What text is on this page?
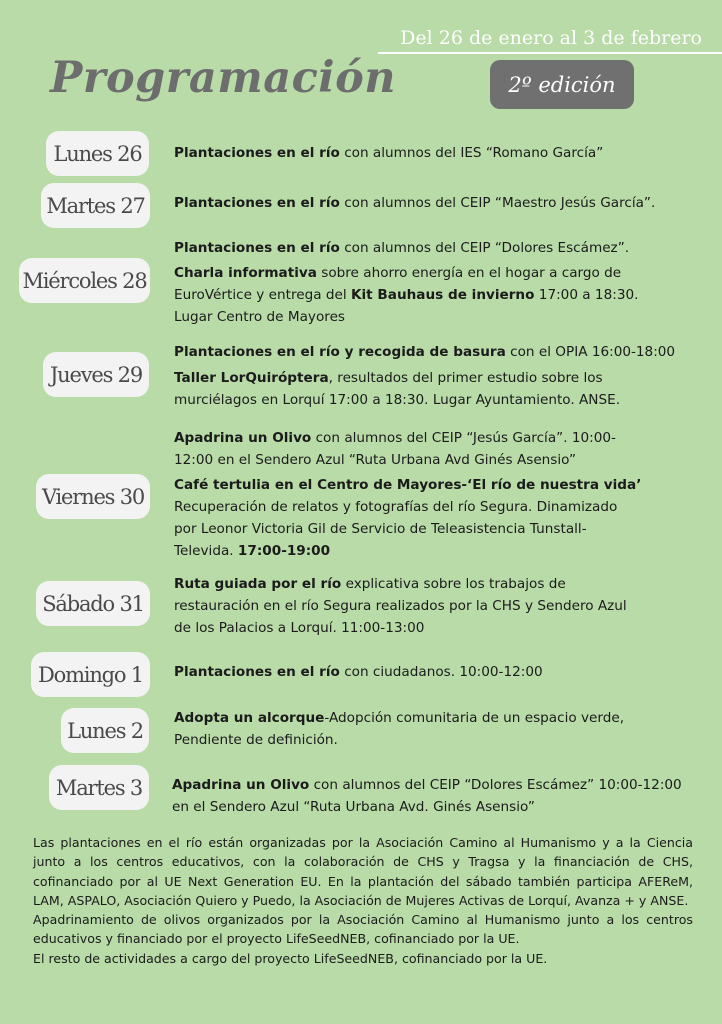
Del 26 de enero al 3 de febrero
Programación	2º edición
Lunes 26
Martes 27
Miércoles 28
Jueves 29
Viernes 30
Sábado 31
Domingo 1
Lunes 2
Martes 3
Plantaciones en el río con alumnos del IES “Romano García”
Plantaciones en el río con alumnos del CEIP “Maestro Jesús García”.
Plantaciones en el río con alumnos del CEIP “Dolores Escámez”.
Charla informativa sobre ahorro energía en el hogar a cargo de
EuroVértice y entrega del Kit Bauhaus de invierno 17:00 a 18:30.
Lugar Centro de Mayores
Plantaciones en el río y recogida de basura con el OPIA 16:00-18:00
Taller LorQuiróptera, resultados del primer estudio sobre los
murciélagos en Lorquí 17:00 a 18:30. Lugar Ayuntamiento. ANSE.
Apadrina un Olivo con alumnos del CEIP “Jesús García”. 10:00-
12:00 en el Sendero Azul “Ruta Urbana Avd Ginés Asensio”
Café tertulia en el Centro de Mayores-‘El río de nuestra vida’
Recuperación de relatos y fotografías del río Segura. Dinamizado
por Leonor Victoria Gil de Servicio de Teleasistencia Tunstall-
Televida. 17:00-19:00
Ruta guiada por el río explicativa sobre los trabajos de
restauración en el río Segura realizados por la CHS y Sendero Azul
de los Palacios a Lorquí. 11:00-13:00
Plantaciones en el río con ciudadanos. 10:00-12:00
Adopta un alcorque-Adopción comunitaria de un espacio verde,
Pendiente de definición.
Apadrina un Olivo con alumnos del CEIP “Dolores Escámez” 10:00-12:00
en el Sendero Azul “Ruta Urbana Avd. Ginés Asensio”

Las plantaciones en el río están organizadas por la Asociación Camino al Humanismo y a la Ciencia junto a los centros educativos, con la colaboración de CHS y Tragsa y la financiación de CHS, cofinanciado por al UE Next Generation EU. En la plantación del sábado también participa AFEReM, LAM, ASPALO, Asociación Quiero y Puedo, la Asociación de Mujeres Activas de Lorquí, Avanza + y ANSE.

Apadrinamiento de olivos organizados por la Asociación Camino al Humanismo junto a los centros educativos y financiado por el proyecto LifeSeedNEB, cofinanciado por la UE.

El resto de actividades a cargo del proyecto LifeSeedNEB, cofinanciado por la UE.
